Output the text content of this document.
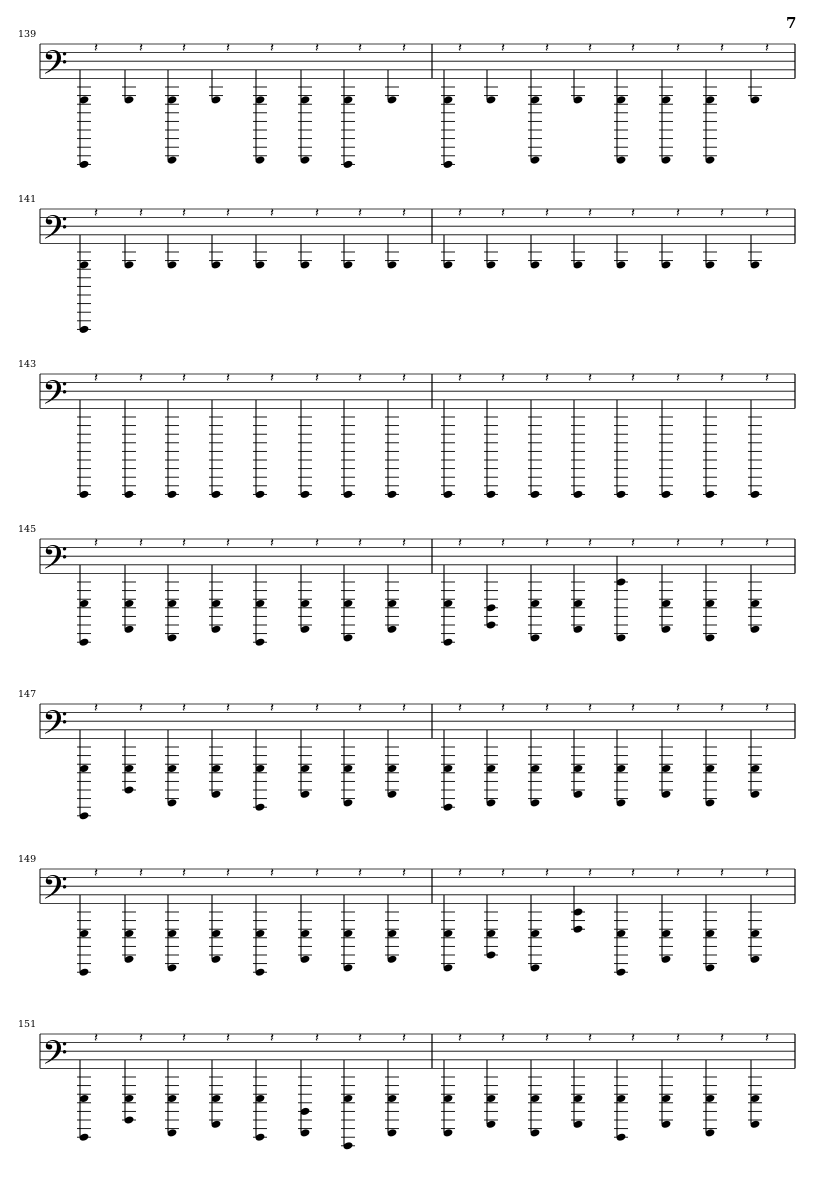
7
139
𝄢 𝄽	𝄽	𝄽	𝄽	𝄽	𝄽	𝄽	𝄽	𝄽	𝄽	𝄽	𝄽	𝄽	𝄽	𝄽	𝄽
141
𝄢 𝄽	𝄽	𝄽	𝄽	𝄽	𝄽	𝄽	𝄽	𝄽	𝄽	𝄽	𝄽	𝄽	𝄽	𝄽	𝄽
143
𝄢 𝄽	𝄽	𝄽	𝄽	𝄽	𝄽	𝄽	𝄽	𝄽	𝄽	𝄽	𝄽	𝄽	𝄽	𝄽	𝄽
145
𝄢 𝄽	𝄽	𝄽	𝄽	𝄽	𝄽	𝄽	𝄽	𝄽	𝄽	𝄽	𝄽	𝄽	𝄽	𝄽	𝄽
147
𝄢 𝄽	𝄽	𝄽	𝄽	𝄽	𝄽	𝄽	𝄽	𝄽	𝄽	𝄽	𝄽	𝄽	𝄽	𝄽	𝄽
149
𝄢 𝄽	𝄽	𝄽	𝄽	𝄽	𝄽	𝄽	𝄽	𝄽	𝄽	𝄽	𝄽	𝄽	𝄽	𝄽	𝄽
151
𝄢 𝄽	𝄽	𝄽	𝄽	𝄽	𝄽	𝄽	𝄽	𝄽	𝄽	𝄽	𝄽	𝄽	𝄽	𝄽	𝄽
